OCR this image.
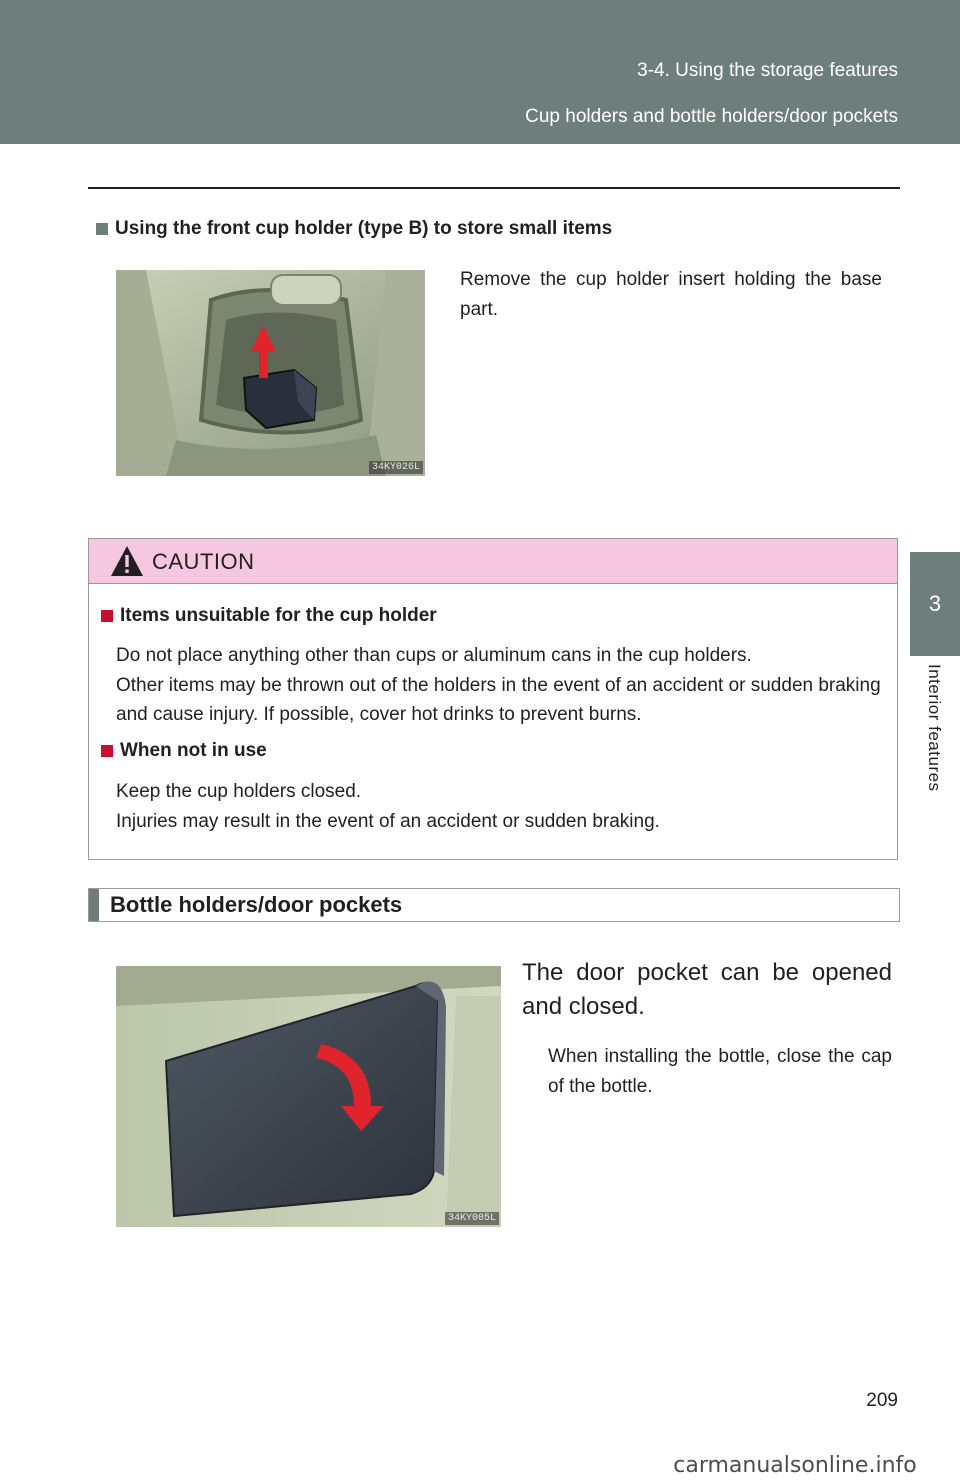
3-4. Using the storage features
Cup holders and bottle holders/door pockets
3
Interior features
Using the front cup holder (type B) to store small items
34KY026L
Remove the cup holder insert holding the base part.
CAUTION
Items unsuitable for the cup holder
Do not place anything other than cups or aluminum cans in the cup holders.
Other items may be thrown out of the holders in the event of an accident or sudden braking and cause injury. If possible, cover hot drinks to prevent burns.
When not in use
Keep the cup holders closed.
Injuries may result in the event of an accident or sudden braking.
Bottle holders/door pockets
34KY005L
The door pocket can be opened and closed.
When installing the bottle, close the cap of the bottle.
209
carmanualsonline.info
